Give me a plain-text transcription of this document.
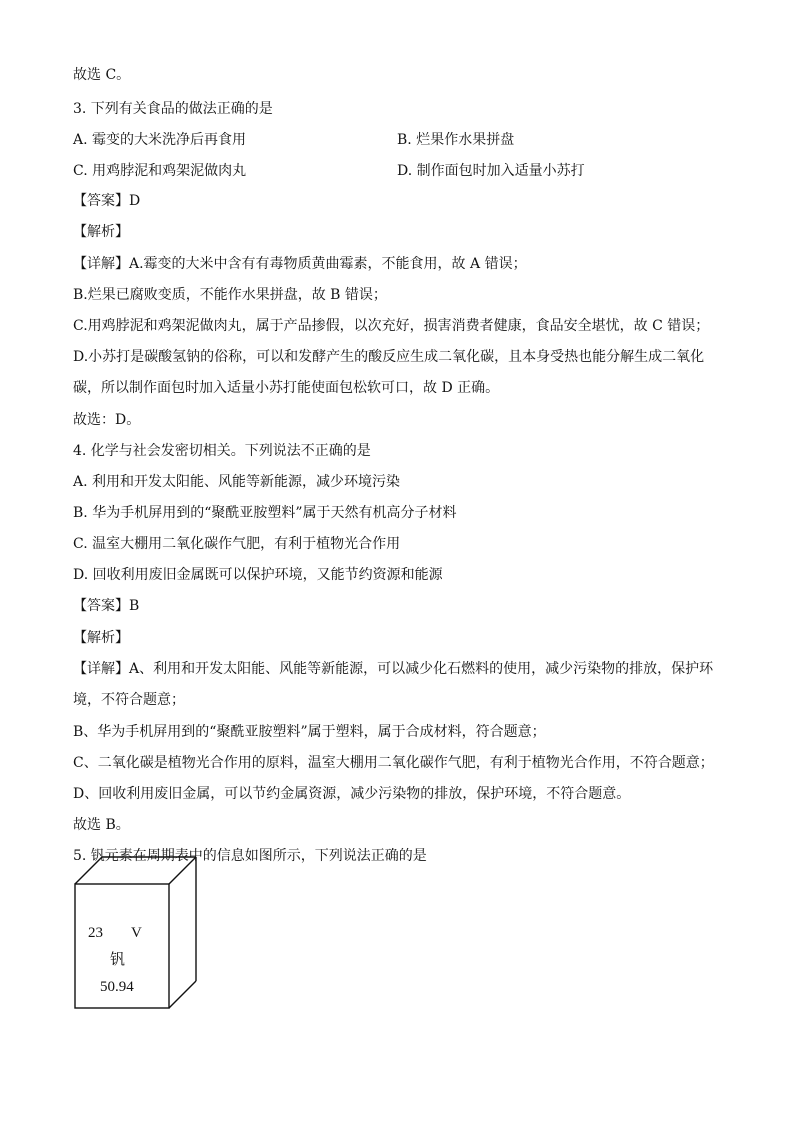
故选 C。
3. 下列有关食品的做法正确的是
A. 霉变的大米洗净后再食用	B. 烂果作水果拼盘
C. 用鸡脖泥和鸡架泥做肉丸	D. 制作面包时加入适量小苏打
【答案】D
【解析】
【详解】A.霉变的大米中含有有毒物质黄曲霉素，不能食用，故 A 错误；
B.烂果已腐败变质，不能作水果拼盘，故 B 错误；
C.用鸡脖泥和鸡架泥做肉丸，属于产品掺假，以次充好，损害消费者健康，食品安全堪忧，故 C 错误；
D.小苏打是碳酸氢钠的俗称，可以和发酵产生的酸反应生成二氧化碳，且本身受热也能分解生成二氧化
碳，所以制作面包时加入适量小苏打能使面包松软可口，故 D 正确。
故选：D。
4. 化学与社会发密切相关。下列说法不正确的是
A. 利用和开发太阳能、风能等新能源，减少环境污染
B. 华为手机屏用到的“聚酰亚胺塑料”属于天然有机高分子材料
C. 温室大棚用二氧化碳作气肥，有利于植物光合作用
D. 回收利用废旧金属既可以保护环境，又能节约资源和能源
【答案】B
【解析】
【详解】A、利用和开发太阳能、风能等新能源，可以减少化石燃料的使用，减少污染物的排放，保护环
境，不符合题意；
B、华为手机屏用到的“聚酰亚胺塑料”属于塑料，属于合成材料，符合题意；
C、二氧化碳是植物光合作用的原料，温室大棚用二氧化碳作气肥，有利于植物光合作用，不符合题意；
D、回收利用废旧金属，可以节约金属资源，减少污染物的排放，保护环境，不符合题意。
故选 B。
5. 钒元素在周期表中的信息如图所示，下列说法正确的是
23 V
钒
50.94
